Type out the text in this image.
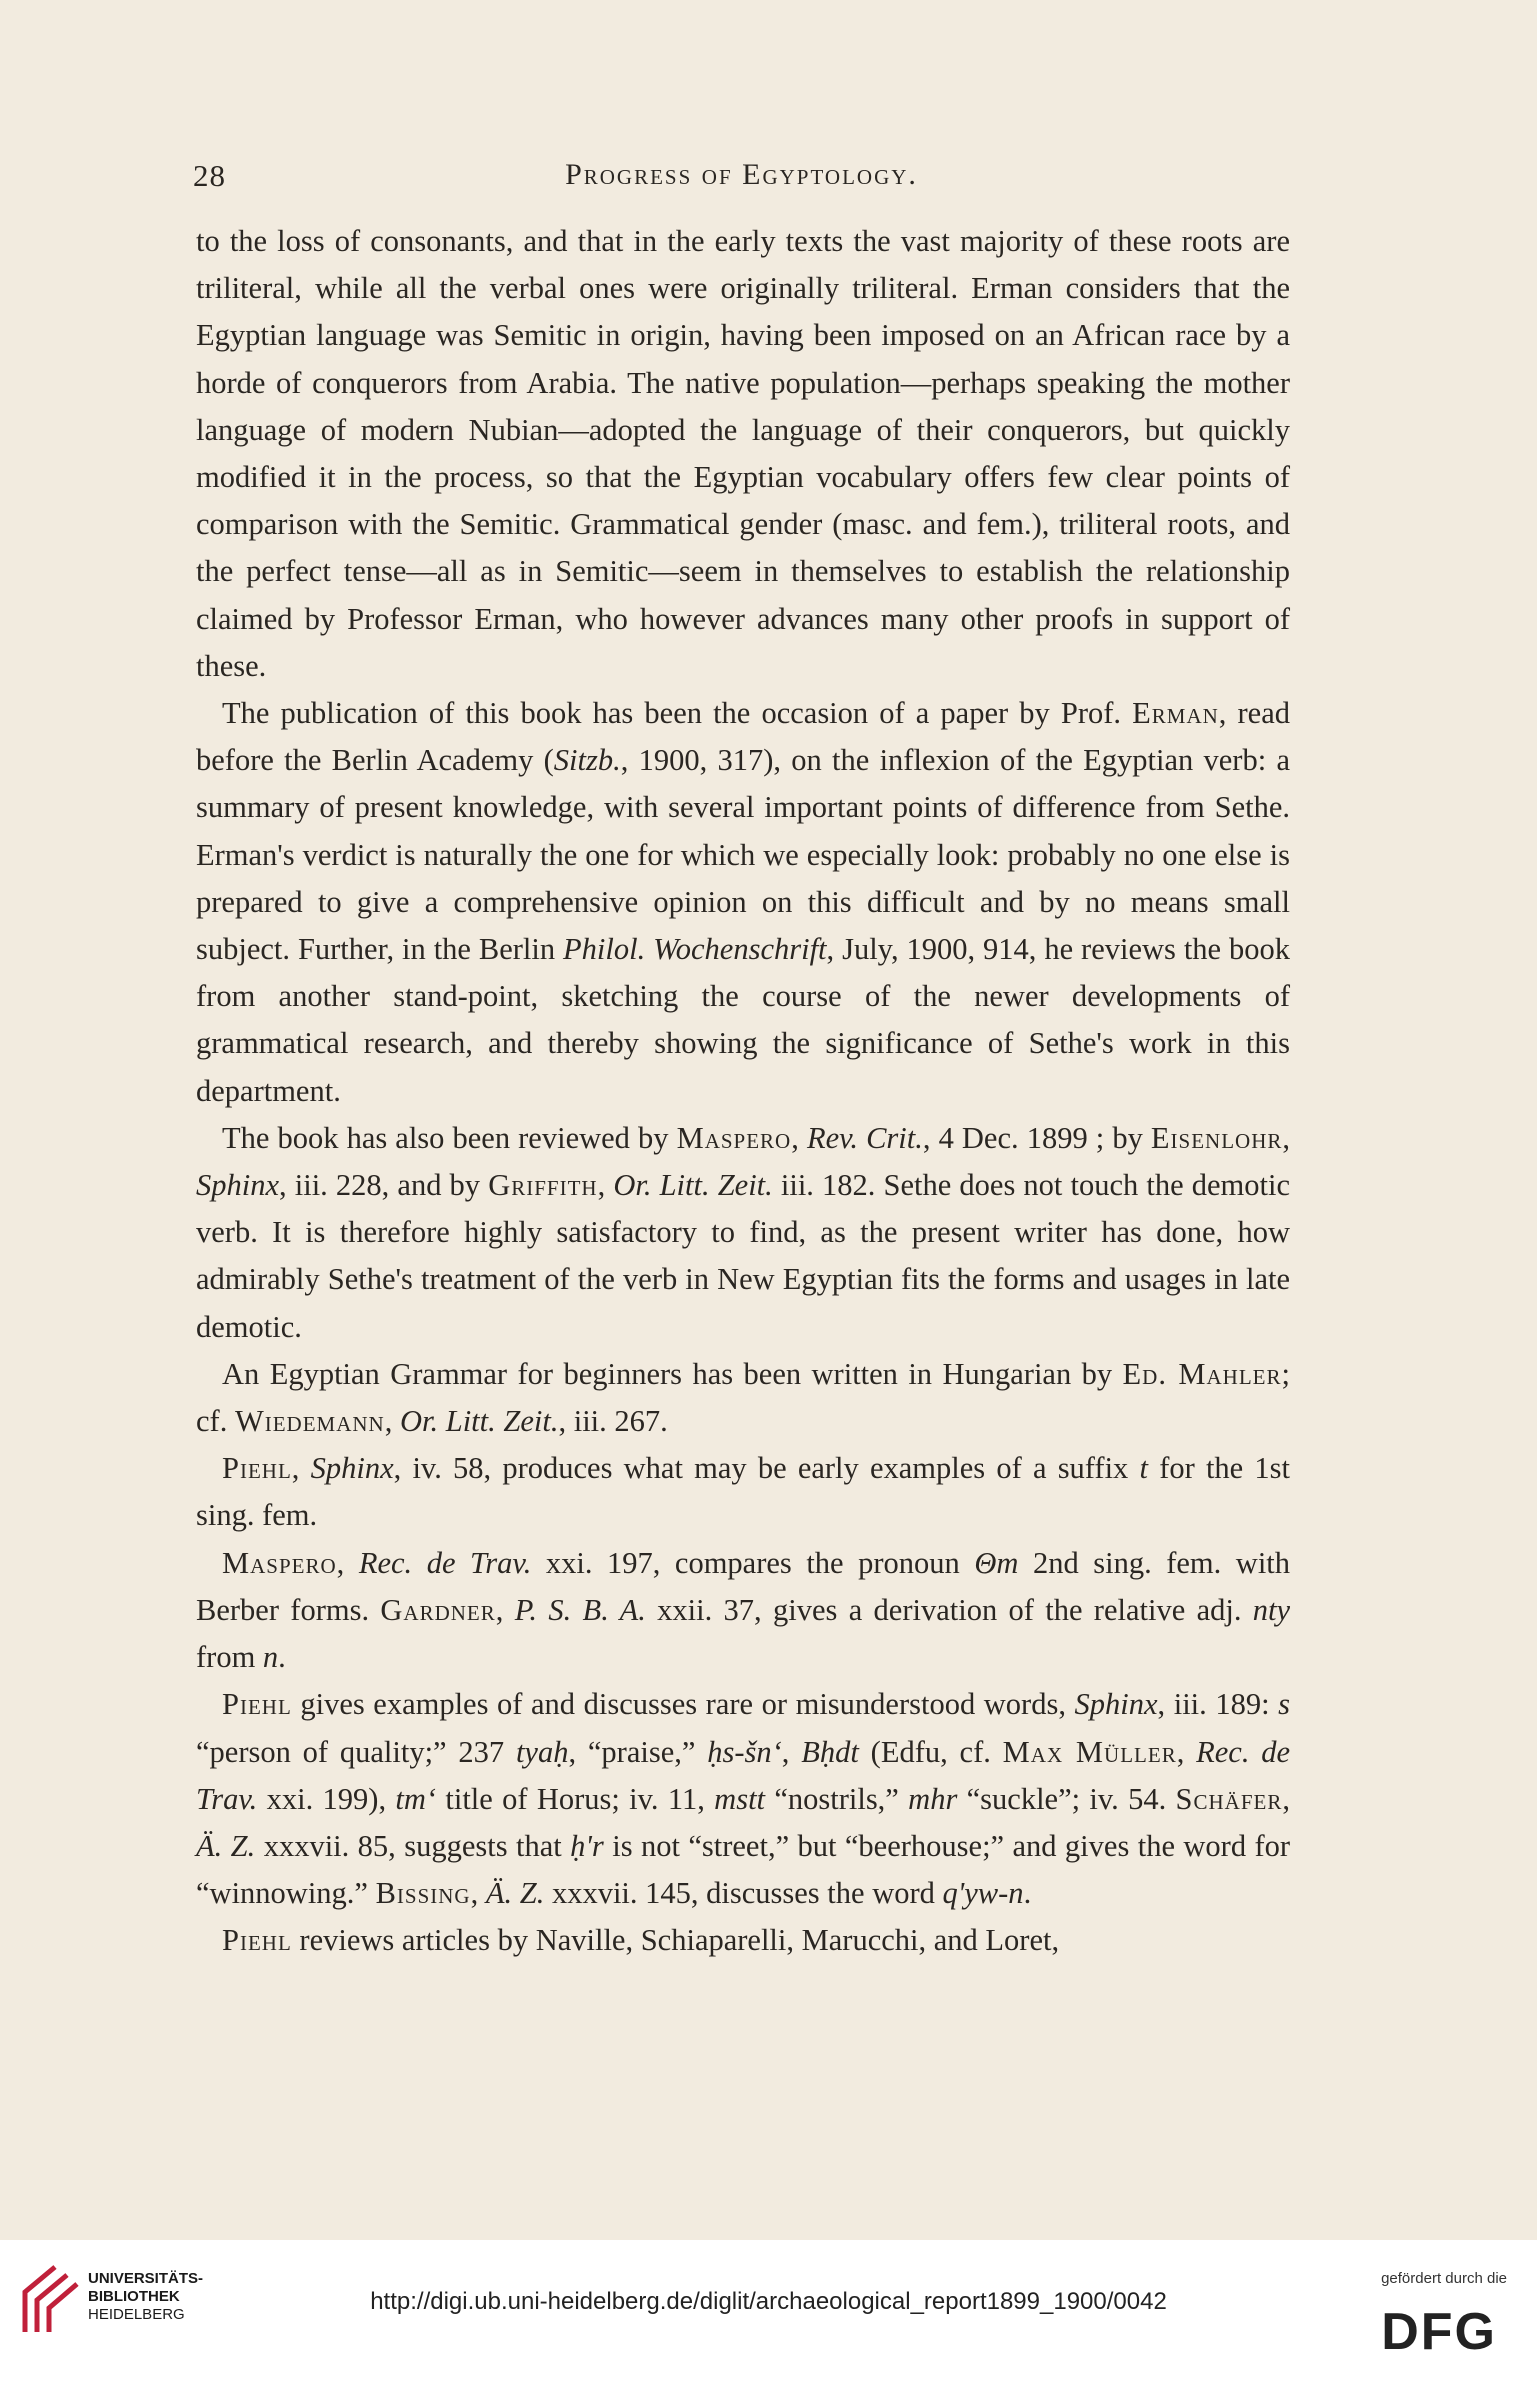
28	Progress of Egyptology.

to the loss of consonants, and that in the early texts the vast majority of these roots are triliteral, while all the verbal ones were originally triliteral. Erman considers that the Egyptian language was Semitic in origin, having been imposed on an African race by a horde of conquerors from Arabia. The native population—perhaps speaking the mother language of modern Nubian—adopted the language of their conquerors, but quickly modified it in the process, so that the Egyptian vocabulary offers few clear points of comparison with the Semitic. Grammatical gender (masc. and fem.), triliteral roots, and the perfect tense—all as in Semitic—seem in themselves to establish the relationship claimed by Professor Erman, who however advances many other proofs in support of these.

The publication of this book has been the occasion of a paper by Prof. Erman, read before the Berlin Academy (Sitzb., 1900, 317), on the inflexion of the Egyptian verb: a summary of present knowledge, with several important points of difference from Sethe. Erman's verdict is naturally the one for which we especially look: probably no one else is prepared to give a comprehensive opinion on this difficult and by no means small subject. Further, in the Berlin Philol. Wochenschrift, July, 1900, 914, he reviews the book from another stand-point, sketching the course of the newer developments of grammatical research, and thereby showing the significance of Sethe's work in this department.

The book has also been reviewed by Maspero, Rev. Crit., 4 Dec. 1899 ; by Eisenlohr, Sphinx, iii. 228, and by Griffith, Or. Litt. Zeit. iii. 182. Sethe does not touch the demotic verb. It is therefore highly satisfactory to find, as the present writer has done, how admirably Sethe's treatment of the verb in New Egyptian fits the forms and usages in late demotic.

An Egyptian Grammar for beginners has been written in Hungarian by Ed. Mahler; cf. Wiedemann, Or. Litt. Zeit., iii. 267.

Piehl, Sphinx, iv. 58, produces what may be early examples of a suffix t for the 1st sing. fem.

Maspero, Rec. de Trav. xxi. 197, compares the pronoun Θm 2nd sing. fem. with Berber forms. Gardner, P. S. B. A. xxii. 37, gives a derivation of the relative adj. nty from n.

Piehl gives examples of and discusses rare or misunderstood words, Sphinx, iii. 189: s “person of quality;” 237 tyaḥ, “praise,” ḥs-šn‘, Bḥdt (Edfu, cf. Max Müller, Rec. de Trav. xxi. 199), tm‘ title of Horus; iv. 11, mstt “nostrils,” mhr “suckle”; iv. 54. Schäfer, Ä. Z. xxxvii. 85, suggests that ḥ'r is not “street,” but “beerhouse;” and gives the word for “winnowing.” Bissing, Ä. Z. xxxvii. 145, discusses the word q'yw-n.

Piehl reviews articles by Naville, Schiaparelli, Marucchi, and Loret,

UNIVERSITÄTS-
BIBLIOTHEK
HEIDELBERG	http://digi.ub.uni-heidelberg.de/diglit/archaeological_report1899_1900/0042
gefördert durch die
DFG
